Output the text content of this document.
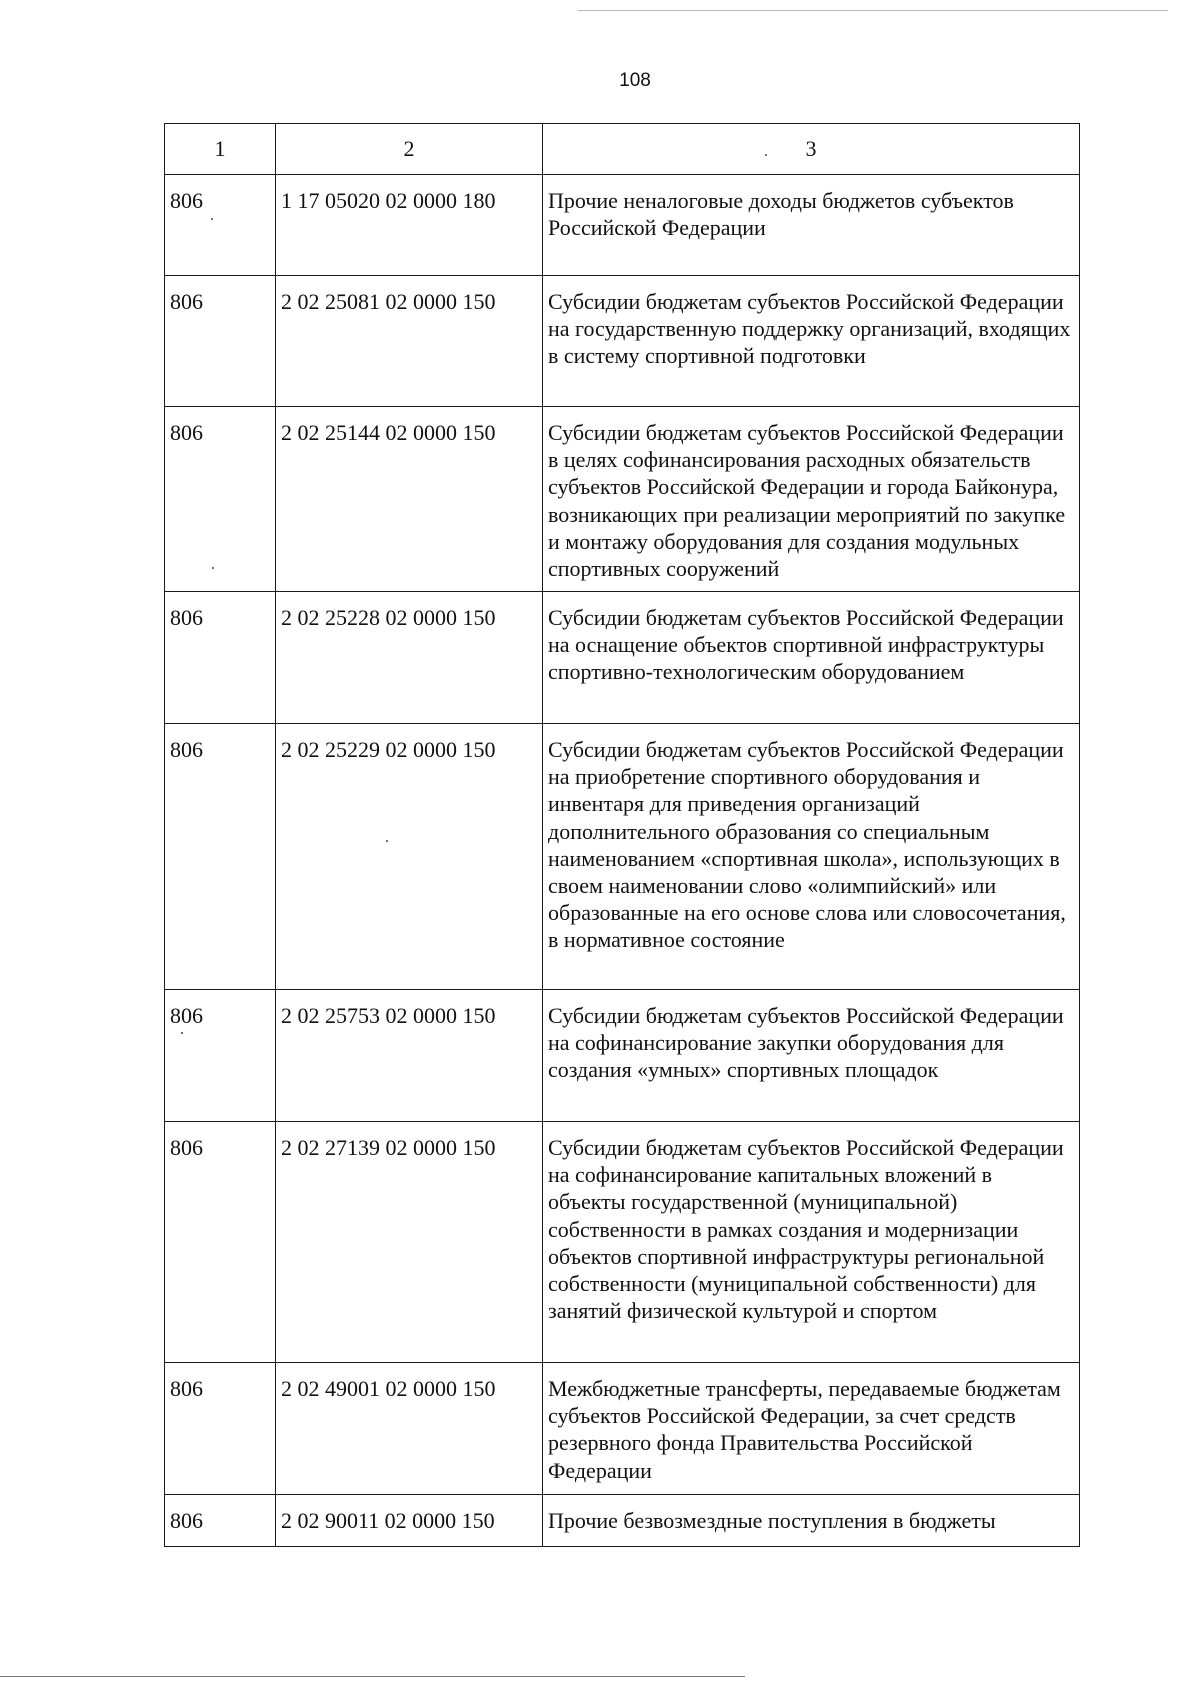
108
1	2	3
806	1 17 05020 02 0000 180	Прочие неналоговые доходы бюджетов субъектов Российской Федерации
806	2 02 25081 02 0000 150	Субсидии бюджетам субъектов Российской Федерации на государственную поддержку организаций, входящих в систему спортивной подготовки
806	2 02 25144 02 0000 150	Субсидии бюджетам субъектов Российской Федерации в целях софинансирования расходных обязательств субъектов Российской Федерации и города Байконура, возникающих при реализации мероприятий по закупке и монтажу оборудования для создания модульных спортивных сооружений
806	2 02 25228 02 0000 150	Субсидии бюджетам субъектов Российской Федерации на оснащение объектов спортивной инфраструктуры спортивно-технологическим оборудованием
806	2 02 25229 02 0000 150	Субсидии бюджетам субъектов Российской Федерации на приобретение спортивного оборудования и инвентаря для приведения организаций дополнительного образования со специальным наименованием «спортивная школа», использующих в своем наименовании слово «олимпийский» или образованные на его основе слова или словосочетания, в нормативное состояние
806	2 02 25753 02 0000 150	Субсидии бюджетам субъектов Российской Федерации на софинансирование закупки оборудования для создания «умных» спортивных площадок
806	2 02 27139 02 0000 150	Субсидии бюджетам субъектов Российской Федерации на софинансирование капитальных вложений в объекты государственной (муниципальной) собственности в рамках создания и модернизации объектов спортивной инфраструктуры региональной собственности (муниципальной собственности) для занятий физической культурой и спортом
806	2 02 49001 02 0000 150	Межбюджетные трансферты, передаваемые бюджетам субъектов Российской Федерации, за счет средств резервного фонда Правительства Российской Федерации
806	2 02 90011 02 0000 150	Прочие безвозмездные поступления в бюджеты
